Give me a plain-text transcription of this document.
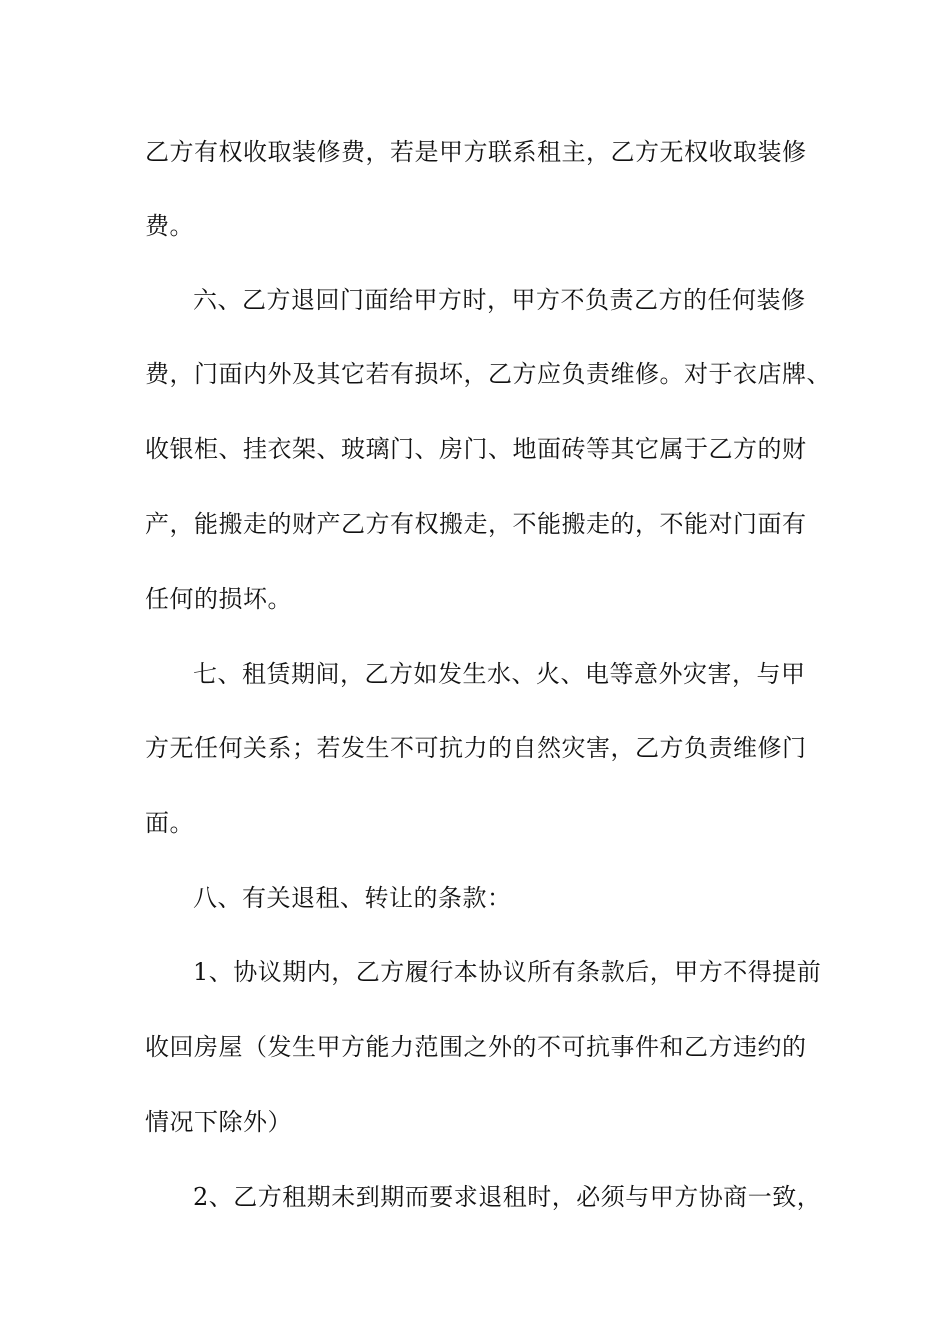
乙方有权收取装修费，若是甲方联系租主，乙方无权收取装修
费。
六、乙方退回门面给甲方时，甲方不负责乙方的任何装修
费，门面内外及其它若有损坏，乙方应负责维修。对于衣店牌、
收银柜、挂衣架、玻璃门、房门、地面砖等其它属于乙方的财
产，能搬走的财产乙方有权搬走，不能搬走的，不能对门面有
任何的损坏。
七、租赁期间，乙方如发生水、火、电等意外灾害，与甲
方无任何关系；若发生不可抗力的自然灾害，乙方负责维修门
面。
八、有关退租、转让的条款：
1、协议期内，乙方履行本协议所有条款后，甲方不得提前
收回房屋（发生甲方能力范围之外的不可抗事件和乙方违约的
情况下除外）
2、乙方租期未到期而要求退租时，必须与甲方协商一致，
